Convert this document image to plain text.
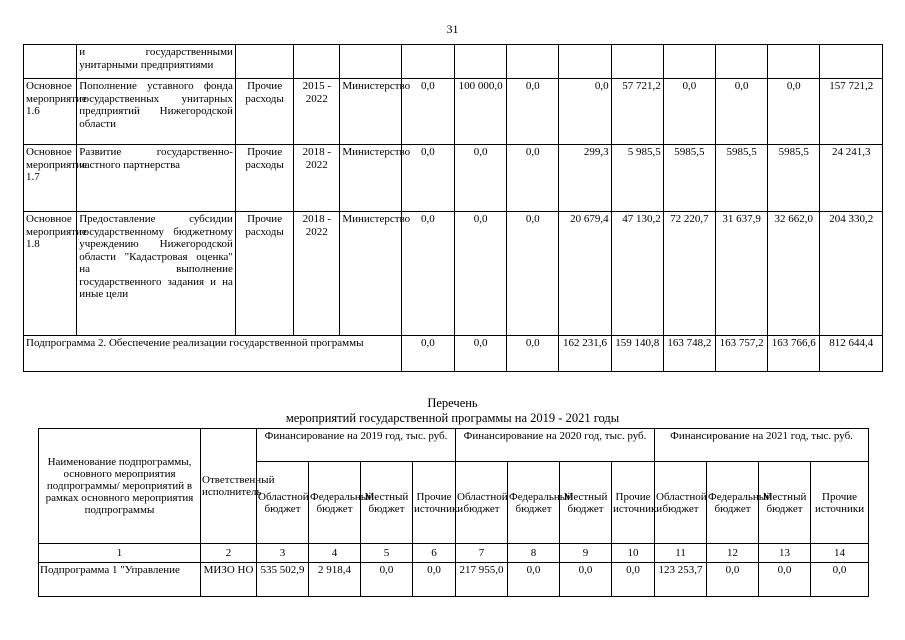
31
	и государственными унитарными предприятиями												
Основное мероприятие 1.6	Пополнение уставного фонда государственных унитарных предприятий Нижегородской области	Прочие расходы	2015 - 2022	Министерство	0,0	100 000,0	0,0	0,0	57 721,2	0,0	0,0	0,0	157 721,2
Основное мероприятие 1.7	Развитие государственно-частного партнерства	Прочие расходы	2018 - 2022	Министерство	0,0	0,0	0,0	299,3	5 985,5	5985,5	5985,5	5985,5	24 241,3
Основное мероприятие 1.8	Предоставление субсидии государственному бюджетному учреждению Нижегородской области "Кадастровая оценка" на выполнение государственного задания и на иные цели	Прочие расходы	2018 - 2022	Министерство	0,0	0,0	0,0	20 679,4	47 130,2	72 220,7	31 637,9	32 662,0	204 330,2
Подпрограмма 2. Обеспечение реализации государственной программы					0,0	0,0	0,0	162 231,6	159 140,8	163 748,2	163 757,2	163 766,6	812 644,4
Перечень
мероприятий государственной программы на 2019 - 2021 годы
Наименование подпрограммы, основного мероприятия подпрограммы/ мероприятий в рамках основного мероприятия подпрограммы	Ответственный исполнитель	Финансирование на 2019 год, тыс. руб.				Финансирование на 2020 год, тыс. руб.				Финансирование на 2021 год, тыс. руб.			
		Областной бюджет	Федеральный бюджет	Местный бюджет	Прочие источники	Областной бюджет	Федеральный бюджет	Местный бюджет	Прочие источники	Областной бюджет	Федеральный бюджет	Местный бюджет	Прочие источники
1	2	3	4	5	6	7	8	9	10	11	12	13	14
Подпрограмма 1 "Управление	МИЗО НО	535 502,9	2 918,4	0,0	0,0	217 955,0	0,0	0,0	0,0	123 253,7	0,0	0,0	0,0
